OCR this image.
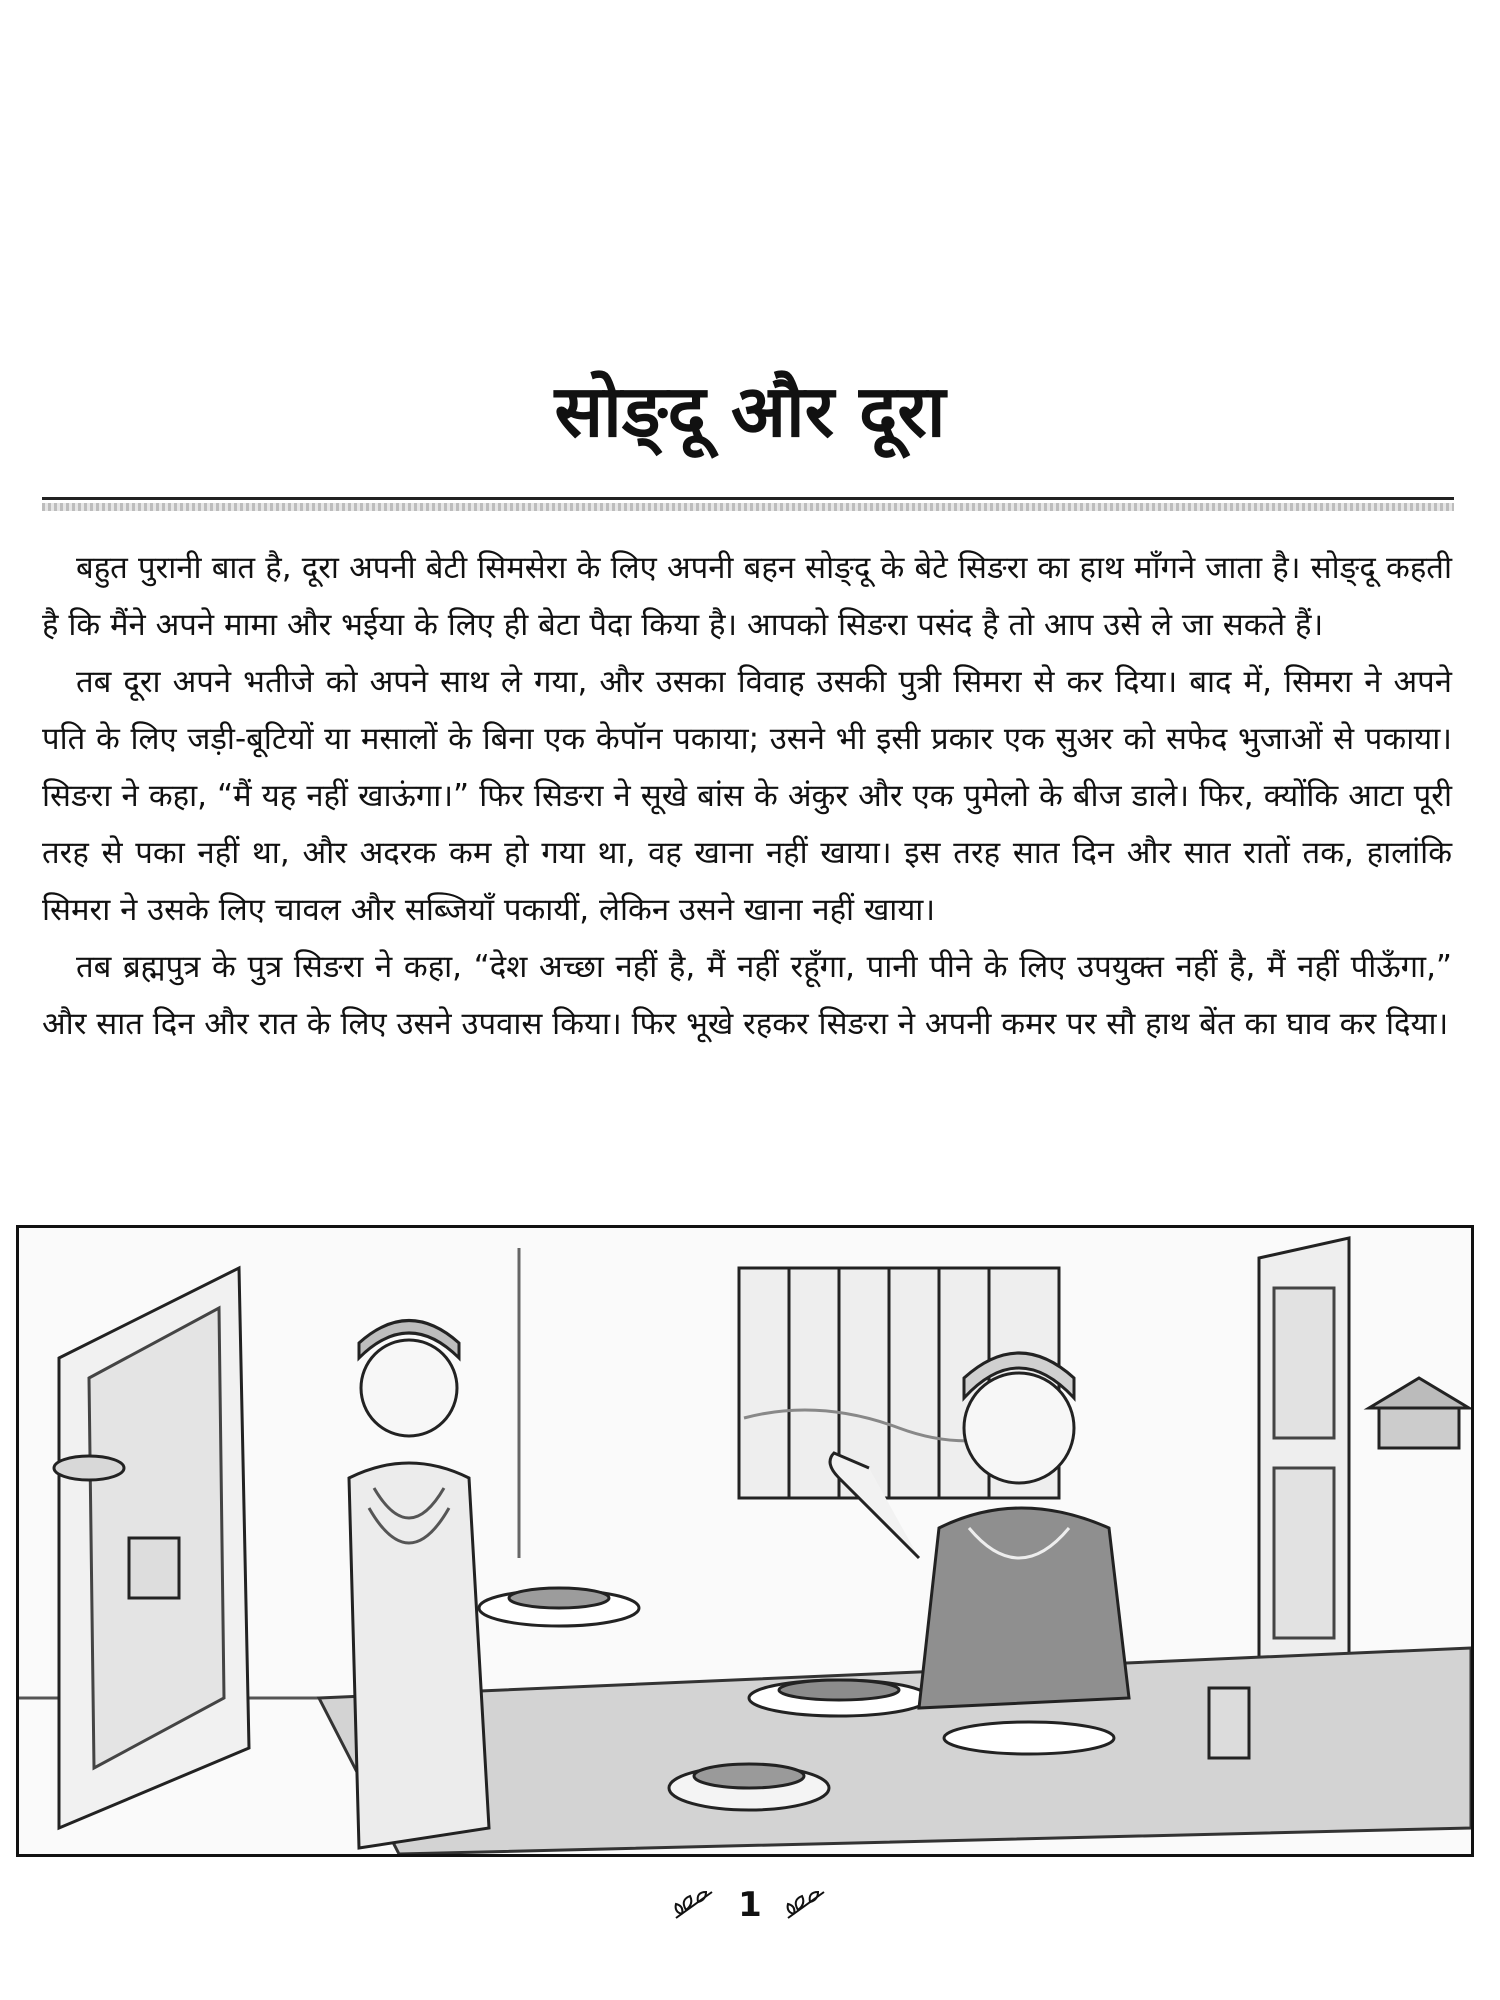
सोङ्दू और दूरा

बहुत पुरानी बात है, दूरा अपनी बेटी सिमसेरा के लिए अपनी बहन सोङ्दू के बेटे सिङरा का हाथ माँगने जाता है। सोङ्दू कहती है कि मैंने अपने मामा और भईया के लिए ही बेटा पैदा किया है। आपको सिङरा पसंद है तो आप उसे ले जा सकते हैं।

तब दूरा अपने भतीजे को अपने साथ ले गया, और उसका विवाह उसकी पुत्री सिमरा से कर दिया। बाद में, सिमरा ने अपने पति के लिए जड़ी-बूटियों या मसालों के बिना एक केपॉन पकाया; उसने भी इसी प्रकार एक सुअर को सफेद भुजाओं से पकाया। सिङरा ने कहा, “मैं यह नहीं खाऊंगा।” फिर सिङरा ने सूखे बांस के अंकुर और एक पुमेलो के बीज डाले। फिर, क्योंकि आटा पूरी तरह से पका नहीं था, और अदरक कम हो गया था, वह खाना नहीं खाया। इस तरह सात दिन और सात रातों तक, हालांकि सिमरा ने उसके लिए चावल और सब्जियाँ पकायीं, लेकिन उसने खाना नहीं खाया।

तब ब्रह्मपुत्र के पुत्र सिङरा ने कहा, “देश अच्छा नहीं है, मैं नहीं रहूँगा, पानी पीने के लिए उपयुक्त नहीं है, मैं नहीं पीऊँगा,” और सात दिन और रात के लिए उसने उपवास किया। फिर भूखे रहकर सिङरा ने अपनी कमर पर सौ हाथ बेंत का घाव कर दिया।

1
